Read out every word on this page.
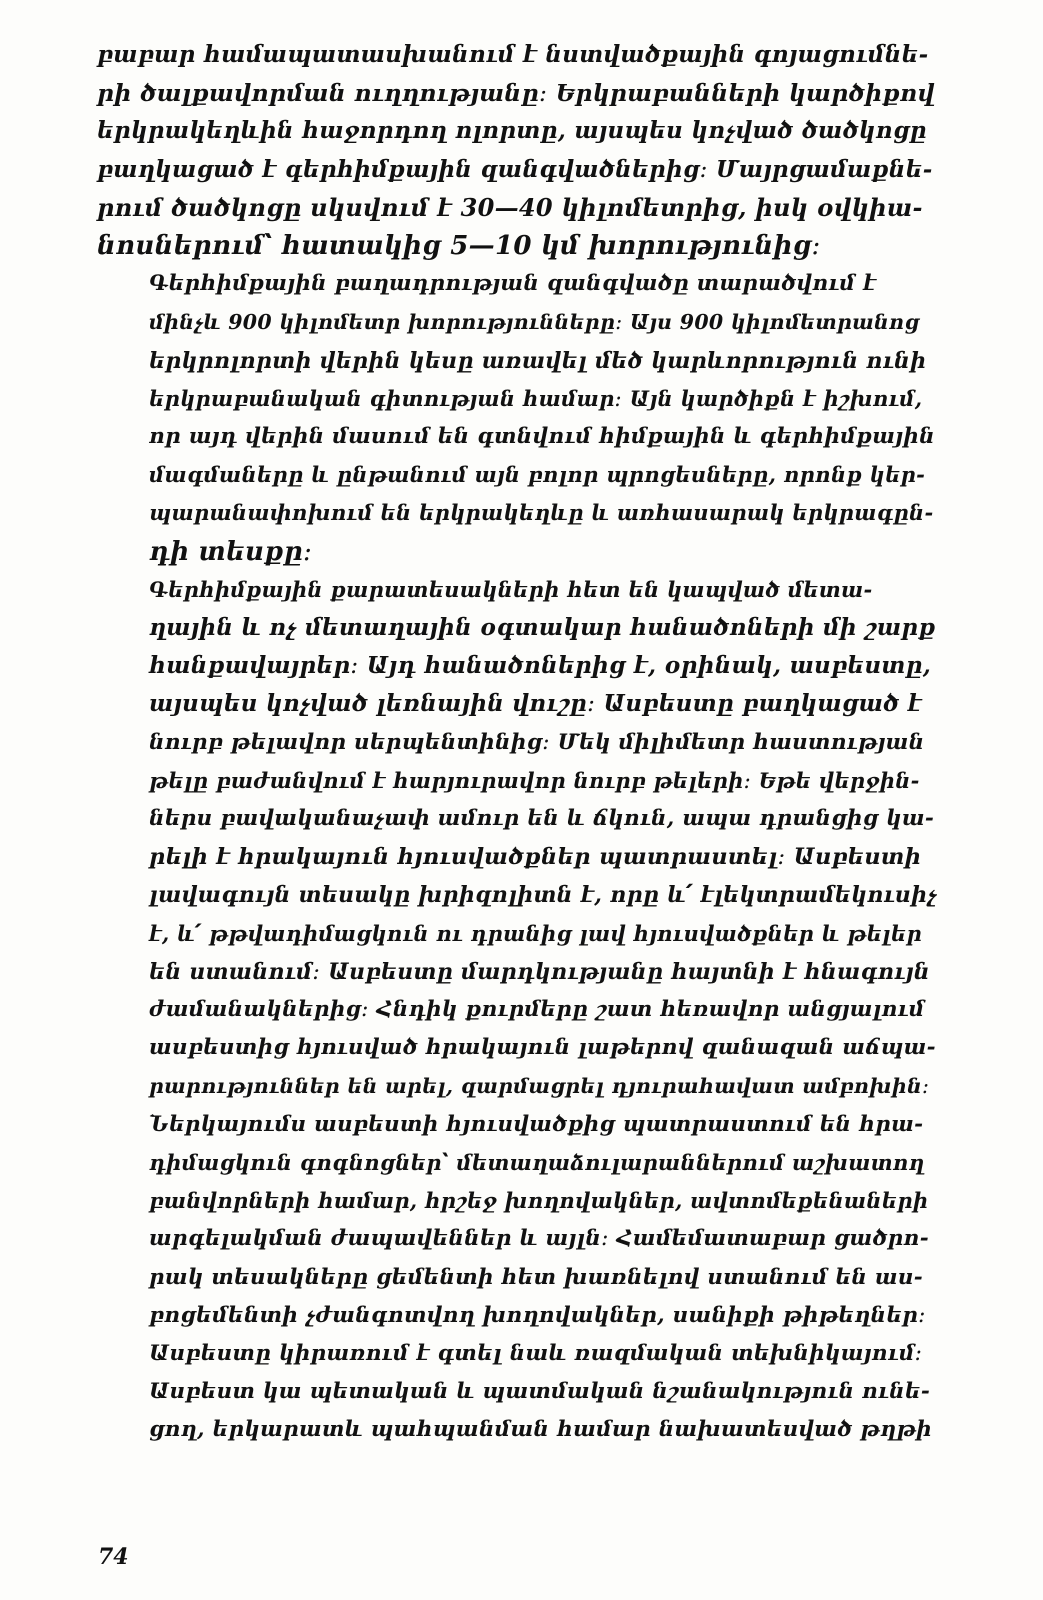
բաբար համապատասխանում է նստվածքային գոյացումնե-
րի ծալքավորման ուղղությանը։ Երկրաբանների կարծիքով
երկրակեղևին հաջորդող ոլորտը, այսպես կոչված ծածկոցը
բաղկացած է գերհիմքային զանգվածներից։ Մայրցամաքնե-
րում ծածկոցը սկսվում է 30—40 կիլոմետրից, իսկ օվկիա-
նոսներում՝ հատակից 5—10 կմ խորությունից։
Գերհիմքային բաղադրության զանգվածը տարածվում է
մինչև 900 կիլոմետր խորությունները։ Այս 900 կիլոմետրանոց
երկրոլորտի վերին կեսը առավել մեծ կարևորություն ունի
երկրաբանական գիտության համար։ Այն կարծիքն է իշխում,
որ այդ վերին մասում են գտնվում հիմքային և գերհիմքային
մագմաները և ընթանում այն բոլոր պրոցեսները, որոնք կեր-
պարանափոխում են երկրակեղևը և առհասարակ երկրագըն-
դի տեսքը։
Գերհիմքային քարատեսակների հետ են կապված մետա-
ղային և ոչ մետաղային օգտակար հանածոների մի շարք
հանքավայրեր։ Այդ հանածոներից է, օրինակ, ասբեստը,
այսպես կոչված լեռնային վուշը։ Ասբեստը բաղկացած է
նուրբ թելավոր սերպենտինից։ Մեկ միլիմետր հաստության
թելը բաժանվում է հարյուրավոր նուրբ թելերի։ Եթե վերջին-
ներս բավականաչափ ամուր են և ճկուն, ապա դրանցից կա-
րելի է հրակայուն հյուսվածքներ պատրաստել։ Ասբեստի
լավագույն տեսակը խրիզոլիտն է, որը և՛ էլեկտրամեկուսիչ
է, և՛ թթվադիմացկուն ու դրանից լավ հյուսվածքներ և թելեր
են ստանում։ Ասբեստը մարդկությանը հայտնի է հնագույն
ժամանակներից։ Հնդիկ քուրմերը շատ հեռավոր անցյալում
ասբեստից հյուսված հրակայուն լաթերով զանազան աճպա-
րարություններ են արել, զարմացրել դյուրահավատ ամբոխին։
Ներկայումս ասբեստի հյուսվածքից պատրաստում են հրա-
դիմացկուն գոգնոցներ՝ մետաղաձուլարաններում աշխատող
բանվորների համար, հրշեջ խողովակներ, ավտոմեքենաների
արգելակման ժապավեններ և այլն։ Համեմատաբար ցածրո-
րակ տեսակները ցեմենտի հետ խառնելով ստանում են աս-
բոցեմենտի չժանգոտվող խողովակներ, սանիքի թիթեղներ։
Ասբեստը կիրառում է գտել նաև ռազմական տեխնիկայում։
Ասբեստ կա պետական և պատմական նշանակություն ունե-
ցող, երկարատև պահպանման համար նախատեսված թղթի
74
